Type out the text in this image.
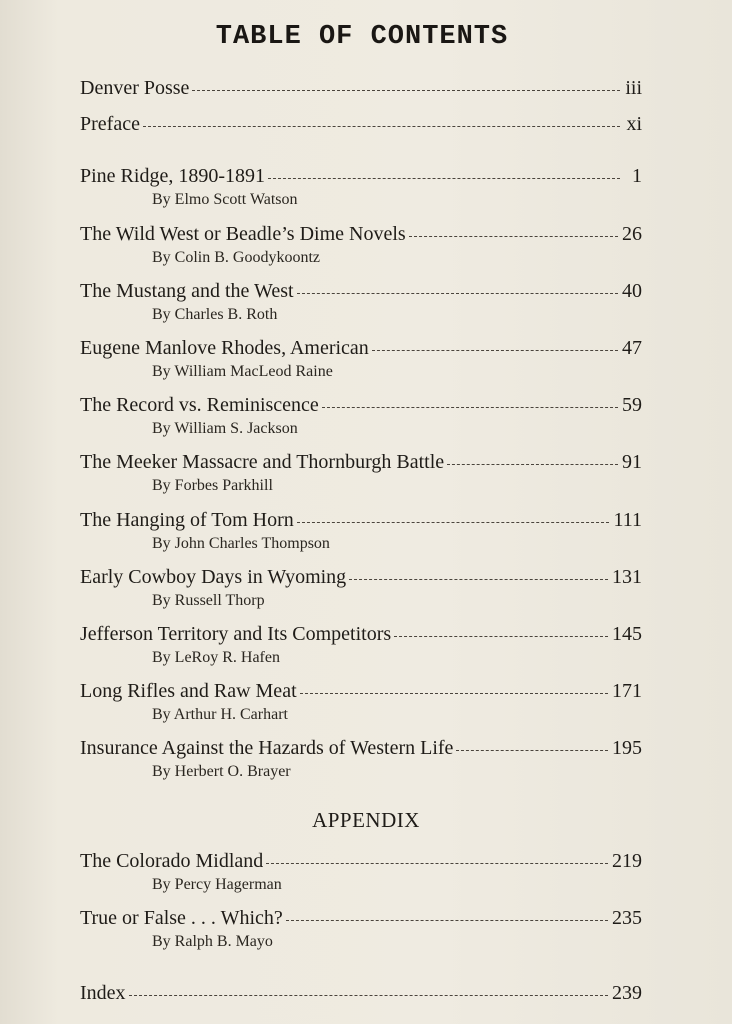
TABLE OF CONTENTS
Denver Posse	iii
Preface	xi
Pine Ridge, 1890-1891	1
By Elmo Scott Watson
The Wild West or Beadle’s Dime Novels	26
By Colin B. Goodykoontz
The Mustang and the West	40
By Charles B. Roth
Eugene Manlove Rhodes, American	47
By William MacLeod Raine
The Record vs. Reminiscence	59
By William S. Jackson
The Meeker Massacre and Thornburgh Battle	91
By Forbes Parkhill
The Hanging of Tom Horn	111
By John Charles Thompson
Early Cowboy Days in Wyoming	131
By Russell Thorp
Jefferson Territory and Its Competitors	145
By LeRoy R. Hafen
Long Rifles and Raw Meat	171
By Arthur H. Carhart
Insurance Against the Hazards of Western Life	195
By Herbert O. Brayer
APPENDIX
The Colorado Midland	219
By Percy Hagerman
True or False . . . Which?	235
By Ralph B. Mayo
Index	239
